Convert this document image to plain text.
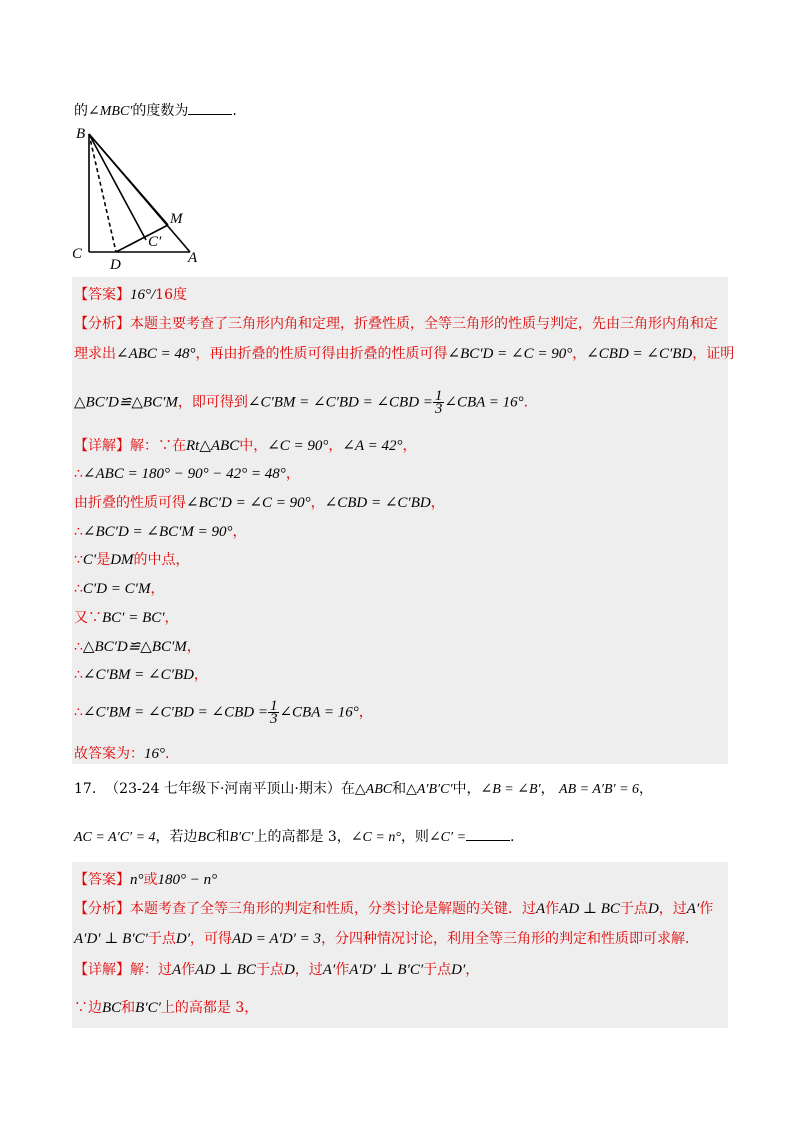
的∠MBC′的度数为	.
B
M
C′
C
D	A
【答案】16°/16度
【分析】本题主要考查了三角形内角和定理，折叠性质，全等三角形的性质与判定，先由三角形内角和定
理求出∠ABC = 48°，再由折叠的性质可得由折叠的性质可得∠BC′D = ∠C = 90°，∠CBD = ∠C′BD，证明
△BC′D≌△BC′M，即可得到∠C′BM = ∠C′BD = ∠CBD = $\frac{1}{3}$ ∠CBA = 16°.
【详解】解：∵在Rt△ABC中，∠C = 90°，∠A = 42°，
∴∠ABC = 180° − 90° − 42° = 48°，
由折叠的性质可得∠BC′D = ∠C = 90°，∠CBD = ∠C′BD，
∴∠BC′D = ∠BC′M = 90°，
∵C′是DM的中点，
∴C′D = C′M，
又∵BC′ = BC′，
∴△BC′D≌△BC′M，
∴∠C′BM = ∠C′BD，
∴∠C′BM = ∠C′BD = ∠CBD = $\frac{1}{3}$ ∠CBA = 16°，
故答案为：16°.
17. （23-24 七年级下·河南平顶山·期末）在△ABC和△A′B′C′中，∠B = ∠B′， AB = A′B′ = 6，
AC = A′C′ = 4，若边BC和B′C′上的高都是 3，∠C = n°，则∠C′ =	.
【答案】n°或180° − n°
【分析】本题考查了全等三角形的判定和性质，分类讨论是解题的关键．过A作AD ⊥ BC于点D，过A′作
A′D′ ⊥ B′C′于点D′，可得AD = A′D′ = 3，分四种情况讨论，利用全等三角形的判定和性质即可求解．
【详解】解：过A作AD ⊥ BC于点D，过A′作A′D′ ⊥ B′C′于点D′，
∵边BC和B′C′上的高都是 3，
